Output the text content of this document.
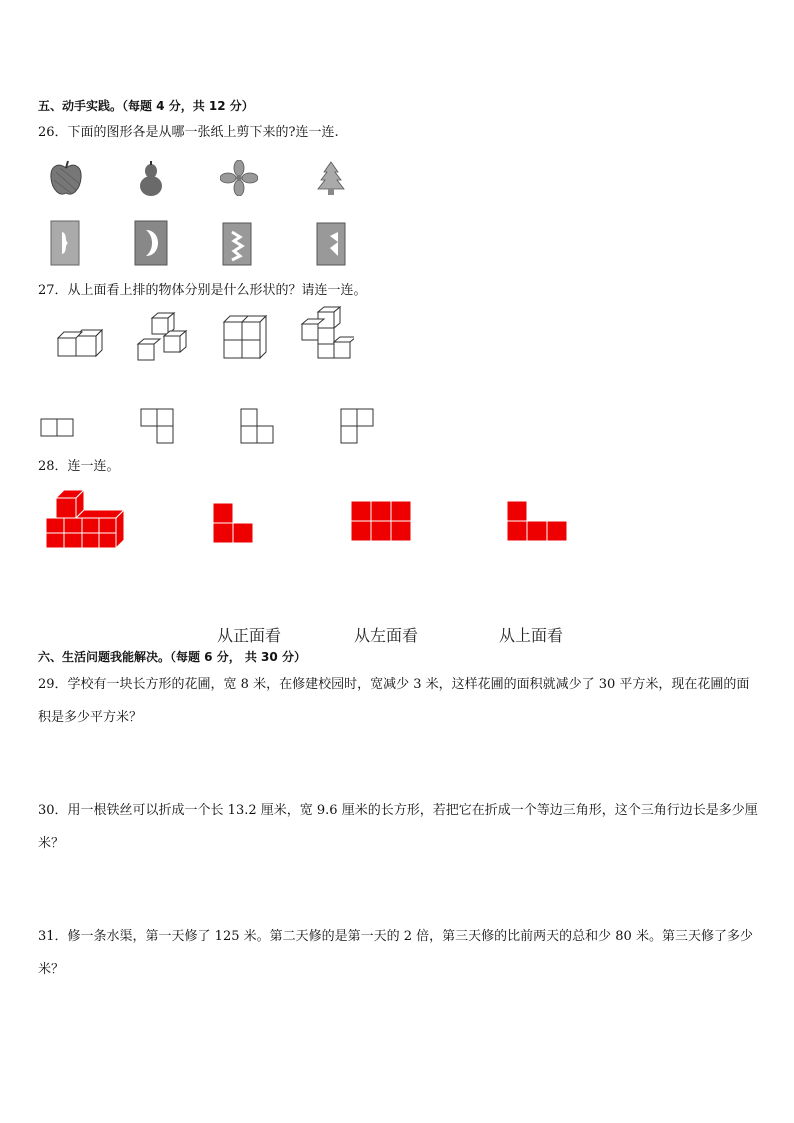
五、动手实践。（每题 4 分，共 12 分）
26．下面的图形各是从哪一张纸上剪下来的?连一连.
27．从上面看上排的物体分别是什么形状的？请连一连。
28．连一连。
从正面看	从左面看	从上面看
六、生活问题我能解决。（每题 6 分， 共 30 分）
29．学校有一块长方形的花圃，宽 8 米，在修建校园时，宽减少 3 米，这样花圃的面积就减少了 30 平方米，现在花圃的面积是多少平方米？
30．用一根铁丝可以折成一个长 13.2 厘米，宽 9.6 厘米的长方形，若把它在折成一个等边三角形，这个三角行边长是多少厘米？
31．修一条水渠，第一天修了 125 米。第二天修的是第一天的 2 倍，第三天修的比前两天的总和少 80 米。第三天修了多少米？
